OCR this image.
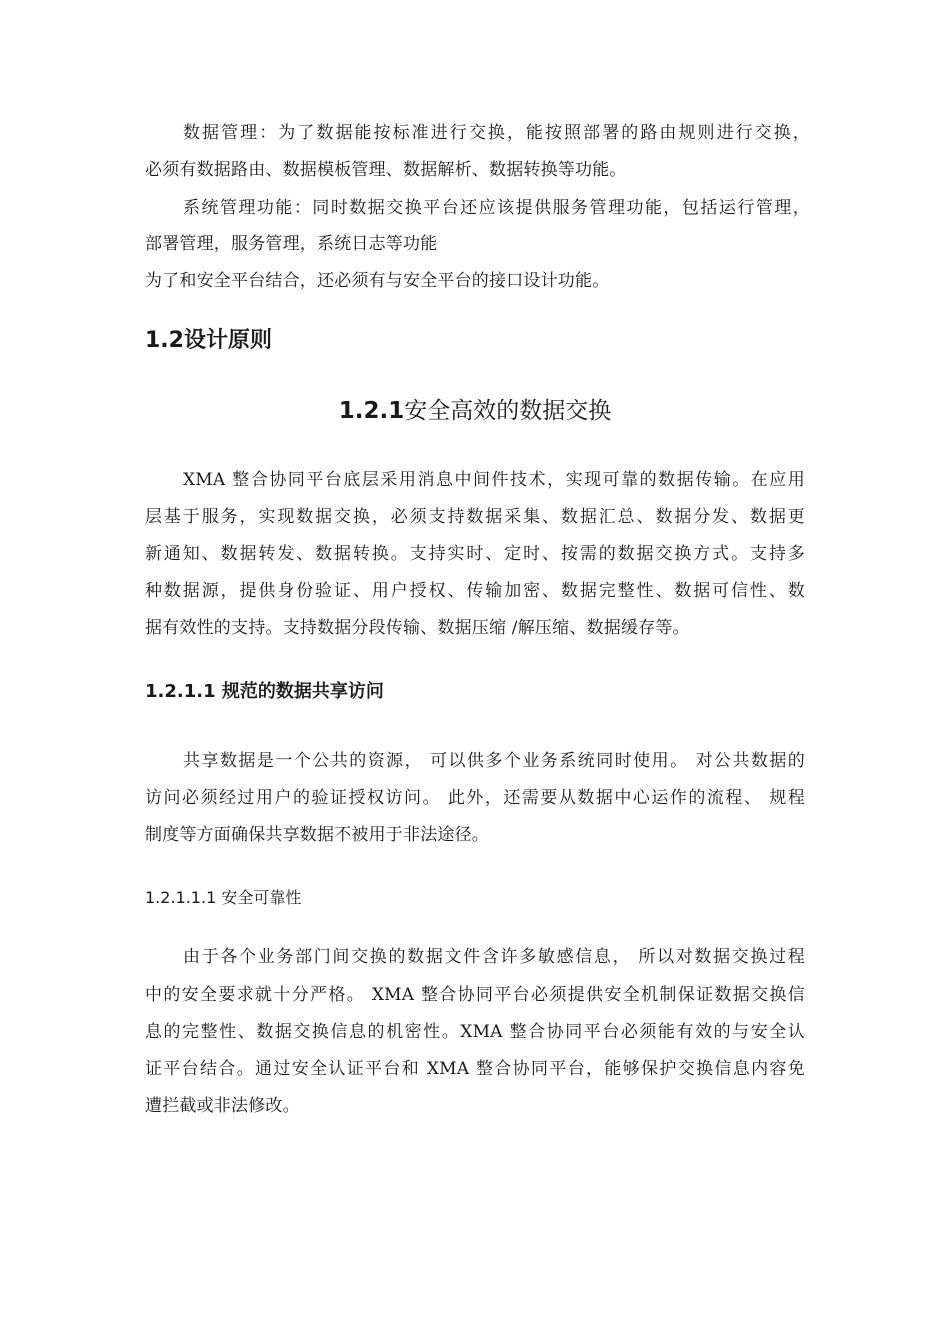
数据管理：为了数据能按标准进行交换，能按照部署的路由规则进行交换，
必须有数据路由、数据模板管理、数据解析、数据转换等功能。
系统管理功能：同时数据交换平台还应该提供服务管理功能，包括运行管理，
部署管理，服务管理，系统日志等功能
为了和安全平台结合，还必须有与安全平台的接口设计功能。
1.2设计原则
1.2.1安全高效的数据交换
XMA 整合协同平台底层采用消息中间件技术，实现可靠的数据传输。在应用
层基于服务，实现数据交换，必须支持数据采集、数据汇总、数据分发、数据更
新通知、数据转发、数据转换。支持实时、定时、按需的数据交换方式。支持多
种数据源，提供身份验证、用户授权、传输加密、数据完整性、数据可信性、数
据有效性的支持。支持数据分段传输、数据压缩 /解压缩、数据缓存等。
1.2.1.1 规范的数据共享访问
共享数据是一个公共的资源， 可以供多个业务系统同时使用。 对公共数据的
访问必须经过用户的验证授权访问。 此外，还需要从数据中心运作的流程、 规程
制度等方面确保共享数据不被用于非法途径。
1.2.1.1.1 安全可靠性
由于各个业务部门间交换的数据文件含许多敏感信息， 所以对数据交换过程
中的安全要求就十分严格。 XMA 整合协同平台必须提供安全机制保证数据交换信
息的完整性、数据交换信息的机密性。XMA 整合协同平台必须能有效的与安全认
证平台结合。通过安全认证平台和 XMA 整合协同平台，能够保护交换信息内容免
遭拦截或非法修改。
